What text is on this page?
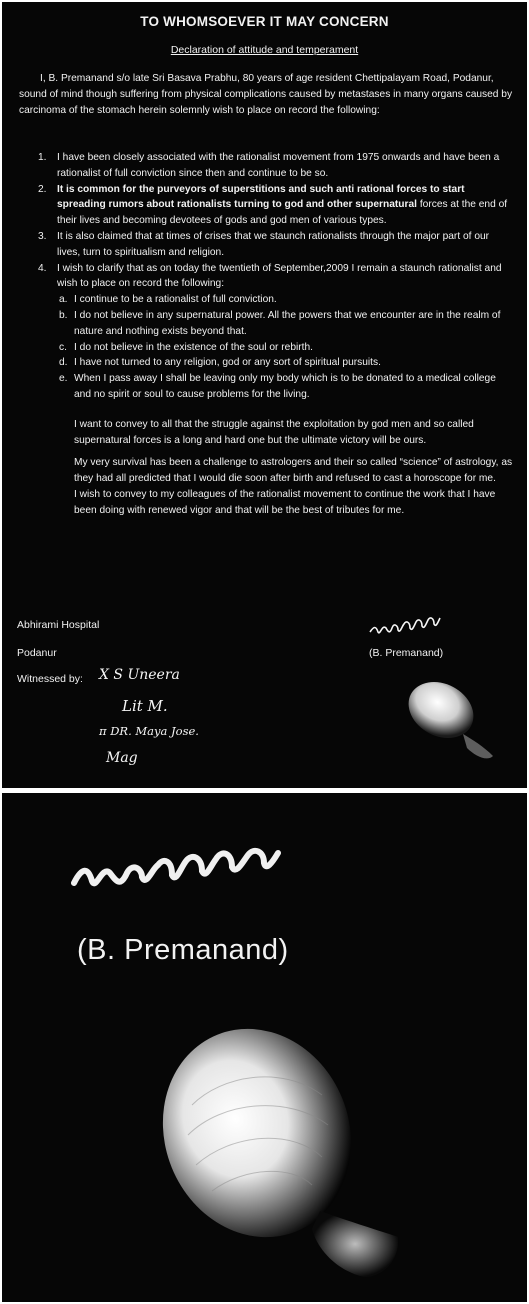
TO WHOMSOEVER IT MAY CONCERN
Declaration of attitude and temperament
I, B. Premanand s/o late Sri Basava Prabhu, 80 years of age resident Chettipalayam Road, Podanur, sound of mind though suffering from physical complications caused by metastases in many organs caused by carcinoma of the stomach herein solemnly wish to place on record the following:

1. I have been closely associated with the rationalist movement from 1975 onwards and have been a rationalist of full conviction since then and continue to be so.

2. It is common for the purveyors of superstitions and such anti rational forces to start spreading rumors about rationalists turning to god and other supernatural forces at the end of their lives and becoming devotees of gods and god men of various types.

3. It is also claimed that at times of crises that we staunch rationalists through the major part of our lives, turn to spiritualism and religion.

4. I wish to clarify that as on today the twentieth of September,2009 I remain a staunch rationalist and wish to place on record the following:

a. I continue to be a rationalist of full conviction.

b. I do not believe in any supernatural power. All the powers that we encounter are in the realm of nature and nothing exists beyond that.

c. I do not believe in the existence of the soul or rebirth.

d. I have not turned to any religion, god or any sort of spiritual pursuits.

e. When I pass away I shall be leaving only my body which is to be donated to a medical college and no spirit or soul to cause problems for the living.

I want to convey to all that the struggle against the exploitation by god men and so called supernatural forces is a long and hard one but the ultimate victory will be ours.

My very survival has been a challenge to astrologers and their so called “science” of astrology, as they had all predicted that I would die soon after birth and refused to cast a horoscope for me.

I wish to convey to my colleagues of the rationalist movement to continue the work that I have been doing with renewed vigor and that will be the best of tributes for me.

Abhirami Hospital
Podanur
Witnessed by: X S Uneera
Lit M.
π DR. Maya Jose.
Mag
(B. Premanand)
(B. Premanand)
